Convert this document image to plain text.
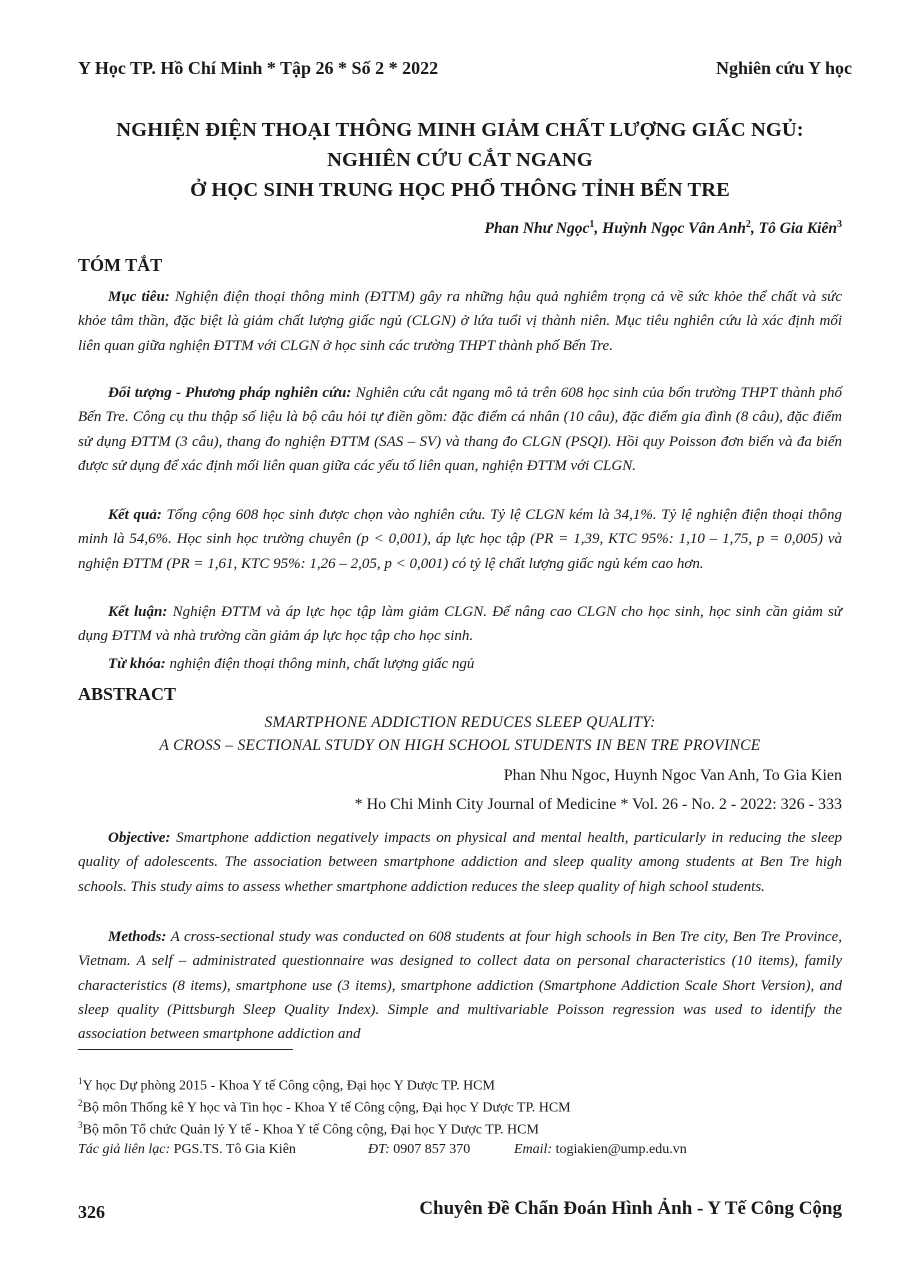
Y Học TP. Hồ Chí Minh * Tập 26 * Số 2 * 2022	Nghiên cứu Y học
NGHIỆN ĐIỆN THOẠI THÔNG MINH GIẢM CHẤT LƯỢNG GIẤC NGỦ:
NGHIÊN CỨU CẮT NGANG
Ở HỌC SINH TRUNG HỌC PHỔ THÔNG TỈNH BẾN TRE
Phan Như Ngọc$^1$, Huỳnh Ngọc Vân Anh$^2$, Tô Gia Kiên$^3$
TÓM TẮT
Mục tiêu: Nghiện điện thoại thông minh (ĐTTM) gây ra những hậu quả nghiêm trọng cả về sức khỏe thể chất và sức khỏe tâm thần, đặc biệt là giảm chất lượng giấc ngủ (CLGN) ở lứa tuổi vị thành niên. Mục tiêu nghiên cứu là xác định mối liên quan giữa nghiện ĐTTM với CLGN ở học sinh các trường THPT thành phố Bến Tre.
Đối tượng - Phương pháp nghiên cứu: Nghiên cứu cắt ngang mô tả trên 608 học sinh của bốn trường THPT thành phố Bến Tre. Công cụ thu thập số liệu là bộ câu hỏi tự điền gồm: đặc điểm cá nhân (10 câu), đặc điểm gia đình (8 câu), đặc điểm sử dụng ĐTTM (3 câu), thang đo nghiện ĐTTM (SAS – SV) và thang đo CLGN (PSQI). Hồi quy Poisson đơn biến và đa biến được sử dụng để xác định mối liên quan giữa các yếu tố liên quan, nghiện ĐTTM với CLGN.
Kết quả: Tổng cộng 608 học sinh được chọn vào nghiên cứu. Tỷ lệ CLGN kém là 34,1%. Tỷ lệ nghiện điện thoại thông minh là 54,6%. Học sinh học trường chuyên (p < 0,001), áp lực học tập (PR = 1,39, KTC 95%: 1,10 – 1,75, p = 0,005) và nghiện ĐTTM (PR = 1,61, KTC 95%: 1,26 – 2,05, p < 0,001) có tỷ lệ chất lượng giấc ngủ kém cao hơn.
Kết luận: Nghiện ĐTTM và áp lực học tập làm giảm CLGN. Để nâng cao CLGN cho học sinh, học sinh cần giảm sử dụng ĐTTM và nhà trường cần giảm áp lực học tập cho học sinh.
Từ khóa: nghiện điện thoại thông minh, chất lượng giấc ngủ
ABSTRACT
SMARTPHONE ADDICTION REDUCES SLEEP QUALITY:
A CROSS – SECTIONAL STUDY ON HIGH SCHOOL STUDENTS IN BEN TRE PROVINCE
Phan Nhu Ngoc, Huynh Ngoc Van Anh, To Gia Kien
* Ho Chi Minh City Journal of Medicine * Vol. 26 - No. 2 - 2022: 326 - 333
Objective: Smartphone addiction negatively impacts on physical and mental health, particularly in reducing the sleep quality of adolescents. The association between smartphone addiction and sleep quality among students at Ben Tre high schools. This study aims to assess whether smartphone addiction reduces the sleep quality of high school students.
Methods: A cross-sectional study was conducted on 608 students at four high schools in Ben Tre city, Ben Tre Province, Vietnam. A self – administrated questionnaire was designed to collect data on personal characteristics (10 items), family characteristics (8 items), smartphone use (3 items), smartphone addiction (Smartphone Addiction Scale Short Version), and sleep quality (Pittsburgh Sleep Quality Index). Simple and multivariable Poisson regression was used to identify the association between smartphone addiction and
$^1$Y học Dự phòng 2015 - Khoa Y tế Công cộng, Đại học Y Dược TP. HCM
$^2$Bộ môn Thống kê Y học và Tin học - Khoa Y tế Công cộng, Đại học Y Dược TP. HCM
$^3$Bộ môn Tổ chức Quản lý Y tế - Khoa Y tế Công cộng, Đại học Y Dược TP. HCM
Tác giả liên lạc: PGS.TS. Tô Gia Kiên	ĐT: 0907 857 370	Email: togiakien@ump.edu.vn
326	Chuyên Đề Chẩn Đoán Hình Ảnh - Y Tế Công Cộng
